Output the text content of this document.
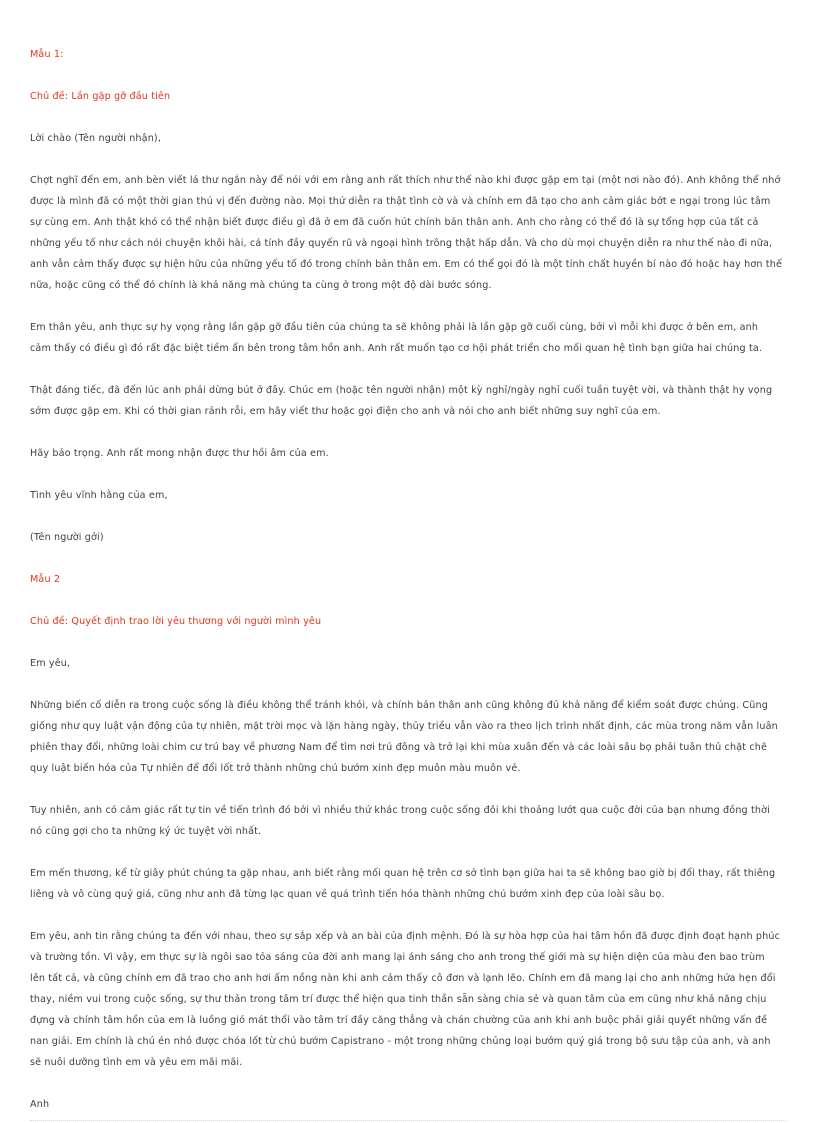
Mẫu 1:

Chủ đề: Lần gặp gỡ đầu tiên

Lời chào (Tên người nhận),

Chợt nghĩ đến em, anh bèn viết lá thư ngắn này để nói với em rằng anh rất thích như thế nào khi được gặp em tại (một nơi nào đó). Anh không thể nhớ được là mình đã có một thời gian thú vị đến đường nào. Mọi thứ diễn ra thật tình cờ và và chính em đã tạo cho anh cảm giác bớt e ngại trong lúc tâm sự cùng em. Anh thật khó có thể nhận biết được điều gì đã ở em đã cuốn hút chính bản thân anh. Anh cho rằng có thể đó là sự tổng hợp của tất cả những yếu tố như cách nói chuyện khôi hài, cá tính đầy quyến rũ và ngoại hình trông thật hấp dẫn. Và cho dù mọi chuyện diễn ra như thế nào đi nữa, anh vẫn cảm thấy được sự hiện hữu của những yếu tố đó trong chính bản thân em. Em có thể gọi đó là một tính chất huyền bí nào đó hoặc hay hơn thế nữa, hoặc cũng có thể đó chính là khả năng mà chúng ta cùng ở trong một độ dài bước sóng.

Em thân yêu, anh thực sự hy vọng rằng lần gặp gỡ đầu tiên của chúng ta sẽ không phải là lần gặp gỡ cuối cùng, bởi vì mỗi khi được ở bên em, anh cảm thấy có điều gì đó rất đặc biệt tiềm ẩn bên trong tâm hồn anh. Anh rất muốn tạo cơ hội phát triển cho mối quan hệ tình bạn giữa hai chúng ta.

Thật đáng tiếc, đã đến lúc anh phải dừng bút ở đây. Chúc em (hoặc tên người nhận) một kỳ nghỉ/ngày nghỉ cuối tuần tuyệt vời, và thành thật hy vọng sớm được gặp em. Khi có thời gian rảnh rỗi, em hãy viết thư hoặc gọi điện cho anh và nói cho anh biết những suy nghĩ của em.

Hãy bảo trọng. Anh rất mong nhận được thư hồi âm của em.

Tình yêu vĩnh hằng của em,

(Tên người gởi)

Mẫu 2

Chủ đề: Quyết định trao lời yêu thương với người mình yêu

Em yêu,

Những biến cố diễn ra trong cuộc sống là điều không thể tránh khỏi, và chính bản thân anh cũng không đủ khả năng để kiểm soát được chúng. Cũng giống như quy luật vận động của tự nhiên, mặt trời mọc và lặn hàng ngày, thủy triều vẫn vào ra theo lịch trình nhất định, các mùa trong năm vẫn luân phiên thay đổi, những loài chim cư trú bay về phương Nam để tìm nơi trú đông và trở lại khi mùa xuân đến và các loài sâu bọ phải tuân thủ chặt chẽ quy luật biến hóa của Tự nhiên để đổi lốt trở thành những chú bướm xinh đẹp muôn màu muôn vẻ.

Tuy nhiên, anh có cảm giác rất tự tin về tiến trình đó bởi vì nhiều thứ khác trong cuộc sống đôi khi thoảng lướt qua cuộc đời của bạn nhưng đồng thời nó cũng gợi cho ta những ký ức tuyệt vời nhất.

Em mến thương, kể từ giây phút chúng ta gặp nhau, anh biết rằng mối quan hệ trên cơ sở tình bạn giữa hai ta sẽ không bao giờ bị đổi thay, rất thiêng liêng và vô cùng quý giá, cũng như anh đã từng lạc quan về quá trình tiến hóa thành những chú bướm xinh đẹp của loài sâu bọ.

Em yêu, anh tin rằng chúng ta đến với nhau, theo sự sắp xếp và an bài của định mệnh. Đó là sự hòa hợp của hai tâm hồn đã được định đoạt hạnh phúc và trường tồn. Vì vậy, em thực sự là ngôi sao tỏa sáng của đời anh mang lại ánh sáng cho anh trong thế giới mà sự hiện diện của màu đen bao trùm lên tất cả, và cũng chính em đã trao cho anh hơi ấm nồng nàn khi anh cảm thấy cô đơn và lạnh lẽo. Chính em đã mang lại cho anh những hứa hẹn đổi thay, niềm vui trong cuộc sống, sự thư thản trong tâm trí được thể hiện qua tinh thần sẵn sàng chia sẻ và quan tâm của em cũng như khả năng chịu đựng và chính tâm hồn của em là luồng gió mát thổi vào tâm trí đầy căng thẳng và chán chường của anh khi anh buộc phải giải quyết những vấn đề nan giải. Em chính là chú én nhỏ được chóa lốt từ chú bướm Capistrano - một trong những chủng loại bướm quý giá trong bộ sưu tập của anh, và anh sẽ nuôi dưỡng tình em và yêu em mãi mãi.

Anh
